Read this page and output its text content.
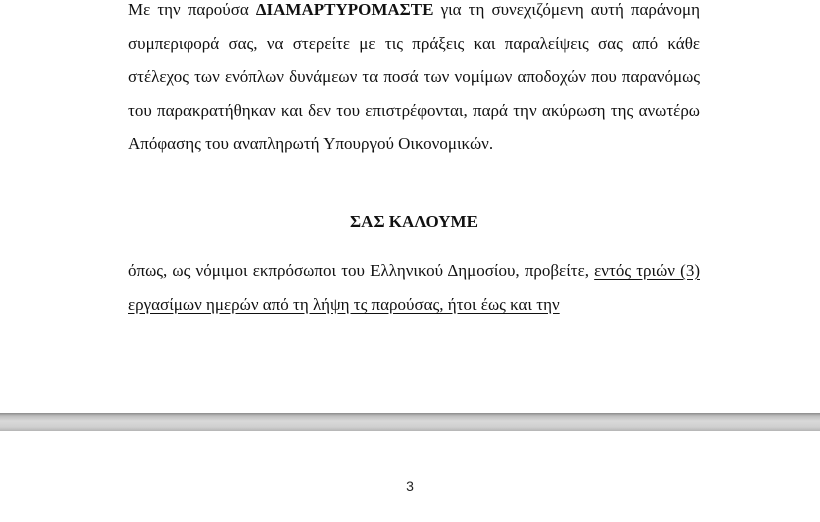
Με την παρούσα ΔΙΑΜΑΡΤΥΡΟΜΑΣΤΕ για τη συνεχιζόμενη αυτή παράνομη συμπεριφορά σας, να στερείτε με τις πράξεις και παραλείψεις σας από κάθε στέλεχος των ενόπλων δυνάμεων τα ποσά των νομίμων αποδοχών που παρανόμως του παρακρατήθηκαν και δεν του επιστρέφονται, παρά την ακύρωση της ανωτέρω Απόφασης του αναπληρωτή Υπουργού Οικονομικών.

ΣΑΣ ΚΑΛΟΥΜΕ

όπως, ως νόμιμοι εκπρόσωποι του Ελληνικού Δημοσίου, προβείτε, εντός τριών (3) εργασίμων ημερών από τη λήψη τς παρούσας, ήτοι έως και την

3
